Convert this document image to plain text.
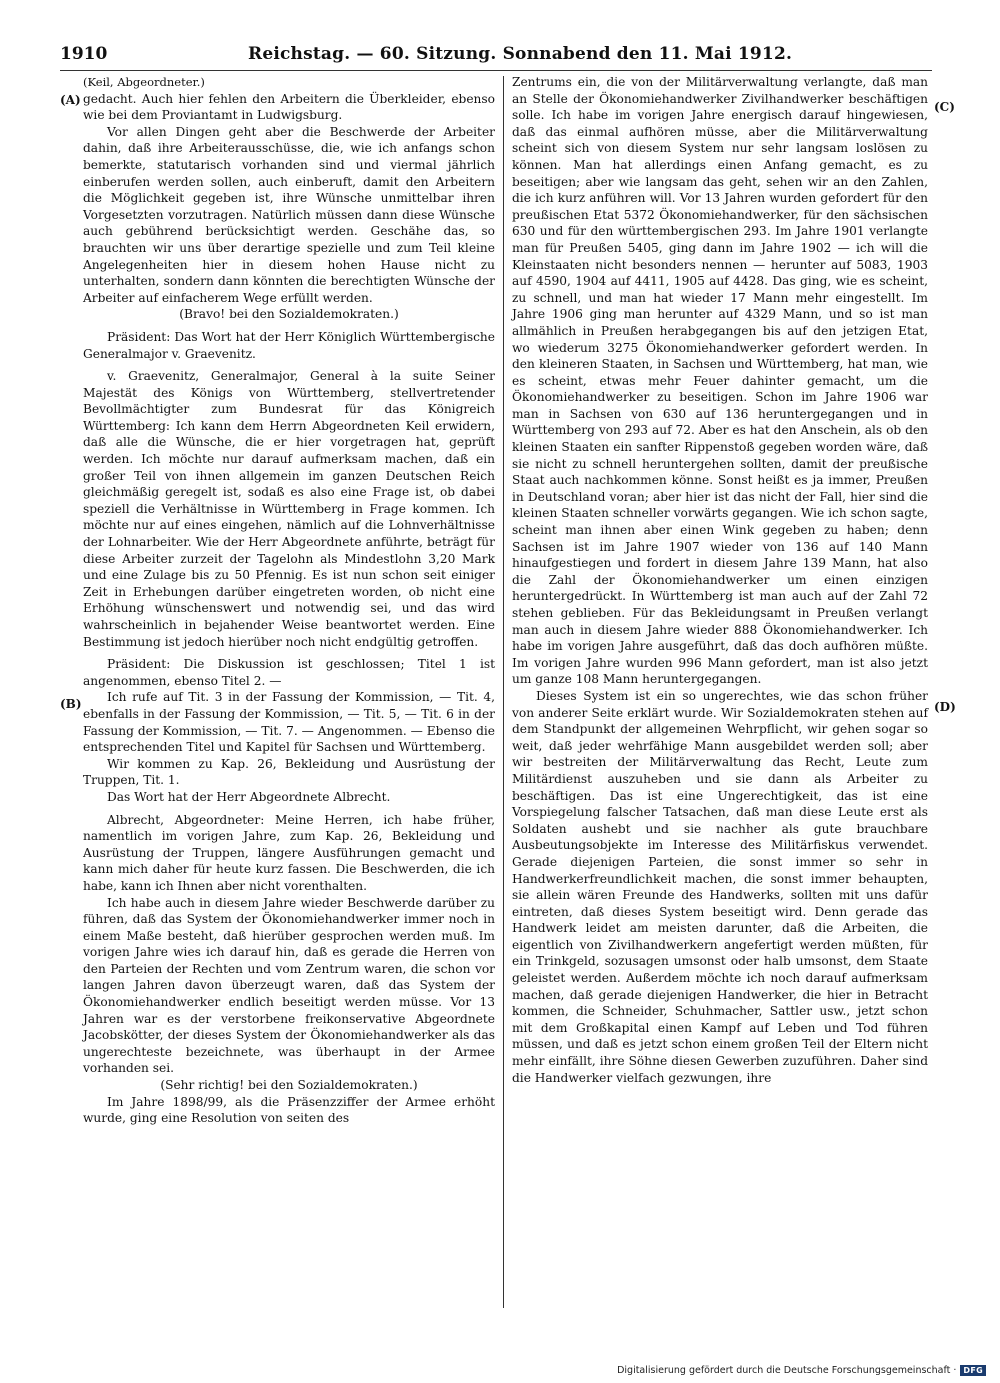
1910	Reichstag. — 60. Sitzung. Sonnabend den 11. Mai 1912.
(A)
(B)
(C)
(D)

(Keil, Abgeordneter.)

gedacht. Auch hier fehlen den Arbeitern die Überkleider, ebenso wie bei dem Proviantamt in Ludwigsburg.

Vor allen Dingen geht aber die Beschwerde der Arbeiter dahin, daß ihre Arbeiterausschüsse, die, wie ich anfangs schon bemerkte, statutarisch vorhanden sind und viermal jährlich einberufen werden sollen, auch einberuft, damit den Arbeitern die Möglichkeit gegeben ist, ihre Wünsche unmittelbar ihren Vorgesetzten vorzutragen. Natürlich müssen dann diese Wünsche auch gebührend berücksichtigt werden. Geschähe das, so brauchten wir uns über derartige spezielle und zum Teil kleine Angelegenheiten hier in diesem hohen Hause nicht zu unterhalten, sondern dann könnten die berechtigten Wünsche der Arbeiter auf einfacherem Wege erfüllt werden.

(Bravo! bei den Sozialdemokraten.)

Präsident: Das Wort hat der Herr Königlich Württembergische Generalmajor v. Graevenitz.

v. Graevenitz, Generalmajor, General à la suite Seiner Majestät des Königs von Württemberg, stellvertretender Bevollmächtigter zum Bundesrat für das Königreich Württemberg: Ich kann dem Herrn Abgeordneten Keil erwidern, daß alle die Wünsche, die er hier vorgetragen hat, geprüft werden. Ich möchte nur darauf aufmerksam machen, daß ein großer Teil von ihnen allgemein im ganzen Deutschen Reich gleichmäßig geregelt ist, sodaß es also eine Frage ist, ob dabei speziell die Verhältnisse in Württemberg in Frage kommen. Ich möchte nur auf eines eingehen, nämlich auf die Lohnverhältnisse der Lohnarbeiter. Wie der Herr Abgeordnete anführte, beträgt für diese Arbeiter zurzeit der Tagelohn als Mindestlohn 3,20 Mark und eine Zulage bis zu 50 Pfennig. Es ist nun schon seit einiger Zeit in Erhebungen darüber eingetreten worden, ob nicht eine Erhöhung wünschenswert und notwendig sei, und das wird wahrscheinlich in bejahender Weise beantwortet werden. Eine Bestimmung ist jedoch hierüber noch nicht endgültig getroffen.

Präsident: Die Diskussion ist geschlossen; Titel 1 ist angenommen, ebenso Titel 2. —

Ich rufe auf Tit. 3 in der Fassung der Kommission, — Tit. 4, ebenfalls in der Fassung der Kommission, — Tit. 5, — Tit. 6 in der Fassung der Kommission, — Tit. 7. — Angenommen. — Ebenso die entsprechenden Titel und Kapitel für Sachsen und Württemberg.

Wir kommen zu Kap. 26, Bekleidung und Ausrüstung der Truppen, Tit. 1.

Das Wort hat der Herr Abgeordnete Albrecht.

Albrecht, Abgeordneter: Meine Herren, ich habe früher, namentlich im vorigen Jahre, zum Kap. 26, Bekleidung und Ausrüstung der Truppen, längere Ausführungen gemacht und kann mich daher für heute kurz fassen. Die Beschwerden, die ich habe, kann ich Ihnen aber nicht vorenthalten.

Ich habe auch in diesem Jahre wieder Beschwerde darüber zu führen, daß das System der Ökonomiehandwerker immer noch in einem Maße besteht, daß hierüber gesprochen werden muß. Im vorigen Jahre wies ich darauf hin, daß es gerade die Herren von den Parteien der Rechten und vom Zentrum waren, die schon vor langen Jahren davon überzeugt waren, daß das System der Ökonomiehandwerker endlich beseitigt werden müsse. Vor 13 Jahren war es der verstorbene freikonservative Abgeordnete Jacobskötter, der dieses System der Ökonomiehandwerker als das ungerechteste bezeichnete, was überhaupt in der Armee vorhanden sei.

(Sehr richtig! bei den Sozialdemokraten.)

Im Jahre 1898/99, als die Präsenzziffer der Armee erhöht wurde, ging eine Resolution von seiten des

Zentrums ein, die von der Militärverwaltung verlangte, daß man an Stelle der Ökonomiehandwerker Zivilhandwerker beschäftigen solle. Ich habe im vorigen Jahre energisch darauf hingewiesen, daß das einmal aufhören müsse, aber die Militärverwaltung scheint sich von diesem System nur sehr langsam loslösen zu können. Man hat allerdings einen Anfang gemacht, es zu beseitigen; aber wie langsam das geht, sehen wir an den Zahlen, die ich kurz anführen will. Vor 13 Jahren wurden gefordert für den preußischen Etat 5372 Ökonomiehandwerker, für den sächsischen 630 und für den württembergischen 293. Im Jahre 1901 verlangte man für Preußen 5405, ging dann im Jahre 1902 — ich will die Kleinstaaten nicht besonders nennen — herunter auf 5083, 1903 auf 4590, 1904 auf 4411, 1905 auf 4428. Das ging, wie es scheint, zu schnell, und man hat wieder 17 Mann mehr eingestellt. Im Jahre 1906 ging man herunter auf 4329 Mann, und so ist man allmählich in Preußen herabgegangen bis auf den jetzigen Etat, wo wiederum 3275 Ökonomiehandwerker gefordert werden. In den kleineren Staaten, in Sachsen und Württemberg, hat man, wie es scheint, etwas mehr Feuer dahinter gemacht, um die Ökonomiehandwerker zu beseitigen. Schon im Jahre 1906 war man in Sachsen von 630 auf 136 heruntergegangen und in Württemberg von 293 auf 72. Aber es hat den Anschein, als ob den kleinen Staaten ein sanfter Rippenstoß gegeben worden wäre, daß sie nicht zu schnell heruntergehen sollten, damit der preußische Staat auch nachkommen könne. Sonst heißt es ja immer, Preußen in Deutschland voran; aber hier ist das nicht der Fall, hier sind die kleinen Staaten schneller vorwärts gegangen. Wie ich schon sagte, scheint man ihnen aber einen Wink gegeben zu haben; denn Sachsen ist im Jahre 1907 wieder von 136 auf 140 Mann hinaufgestiegen und fordert in diesem Jahre 139 Mann, hat also die Zahl der Ökonomiehandwerker um einen einzigen heruntergedrückt. In Württemberg ist man auch auf der Zahl 72 stehen geblieben. Für das Bekleidungsamt in Preußen verlangt man auch in diesem Jahre wieder 888 Ökonomiehandwerker. Ich habe im vorigen Jahre ausgeführt, daß das doch aufhören müßte. Im vorigen Jahre wurden 996 Mann gefordert, man ist also jetzt um ganze 108 Mann heruntergegangen.

Dieses System ist ein so ungerechtes, wie das schon früher von anderer Seite erklärt wurde. Wir Sozialdemokraten stehen auf dem Standpunkt der allgemeinen Wehrpflicht, wir gehen sogar so weit, daß jeder wehrfähige Mann ausgebildet werden soll; aber wir bestreiten der Militärverwaltung das Recht, Leute zum Militärdienst auszuheben und sie dann als Arbeiter zu beschäftigen. Das ist eine Ungerechtigkeit, das ist eine Vorspiegelung falscher Tatsachen, daß man diese Leute erst als Soldaten aushebt und sie nachher als gute brauchbare Ausbeutungsobjekte im Interesse des Militärfiskus verwendet. Gerade diejenigen Parteien, die sonst immer so sehr in Handwerkerfreundlichkeit machen, die sonst immer behaupten, sie allein wären Freunde des Handwerks, sollten mit uns dafür eintreten, daß dieses System beseitigt wird. Denn gerade das Handwerk leidet am meisten darunter, daß die Arbeiten, die eigentlich von Zivilhandwerkern angefertigt werden müßten, für ein Trinkgeld, sozusagen umsonst oder halb umsonst, dem Staate geleistet werden. Außerdem möchte ich noch darauf aufmerksam machen, daß gerade diejenigen Handwerker, die hier in Betracht kommen, die Schneider, Schuhmacher, Sattler usw., jetzt schon mit dem Großkapital einen Kampf auf Leben und Tod führen müssen, und daß es jetzt schon einem großen Teil der Eltern nicht mehr einfällt, ihre Söhne diesen Gewerben zuzuführen. Daher sind die Handwerker vielfach gezwungen, ihre

Digitalisierung gefördert durch die Deutsche Forschungsgemeinschaft · DFG
